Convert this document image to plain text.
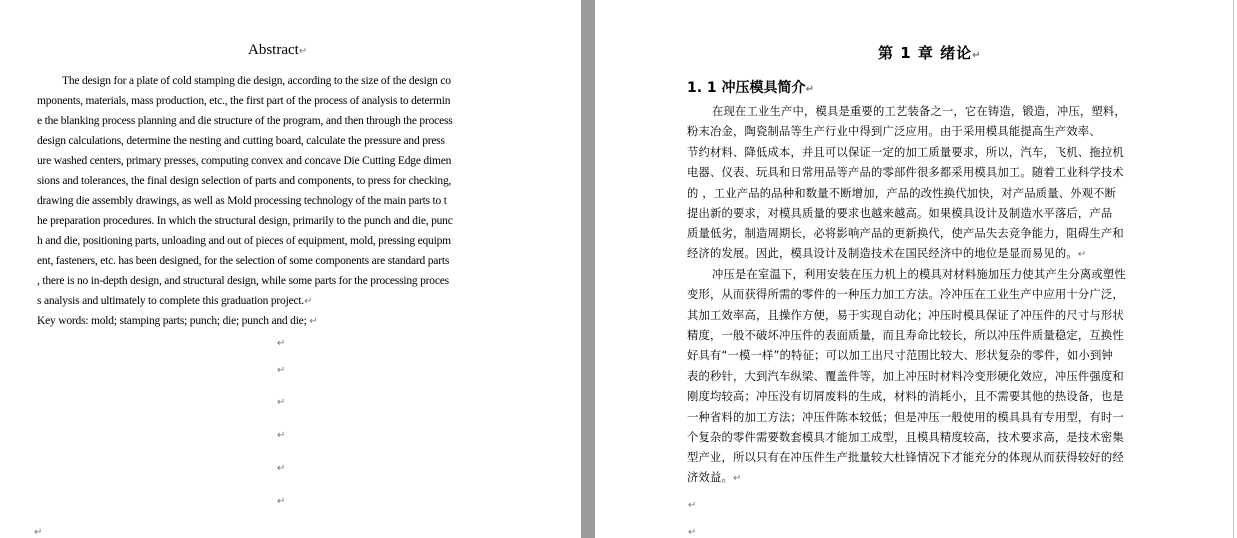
Abstract↵
The design for a plate of cold stamping die design, according to the size of the design co
mponents, materials, mass production, etc., the first part of the process of analysis to determin
e the blanking process planning and die structure of the program, and then through the process
design calculations, determine the nesting and cutting board, calculate the pressure and press
ure washed centers, primary presses, computing convex and concave Die Cutting Edge dimen
sions and tolerances, the final design selection of parts and components, to press for checking,
drawing die assembly drawings, as well as Mold processing technology of the main parts to t
he preparation procedures. In which the structural design, primarily to the punch and die, punc
h and die, positioning parts, unloading and out of pieces of equipment, mold, pressing equipm
ent, fasteners, etc. has been designed, for the selection of some components are standard parts
, there is no in-depth design, and structural design, while some parts for the processing proces
s analysis and ultimately to complete this graduation project.↵
Key words: mold; stamping parts; punch; die; punch and die; ↵
↵
↵
↵
↵
↵
↵
↵
第 1 章 绪论↵
1. 1 冲压模具简介↵
在现在工业生产中，模具是重要的工艺装备之一，它在铸造，锻造，冲压，塑料，
粉末冶金，陶瓷制品等生产行业中得到广泛应用。由于采用模具能提高生产效率、
节约材料、降低成本，并且可以保证一定的加工质量要求，所以，汽车，飞机、拖拉机
电器、仪表、玩具和日常用品等产品的零部件很多都采用模具加工。随着工业科学技术
的 ，工业产品的品种和数量不断增加，产品的改性换代加快，对产品质量、外观不断
提出新的要求，对模具质量的要求也越来越高。如果模具设计及制造水平落后，产品
质量低劣，制造周期长，必将影响产品的更新换代，使产品失去竞争能力，阻碍生产和
经济的发展。因此，模具设计及制造技术在国民经济中的地位是显而易见的。↵
冲压是在室温下，利用安装在压力机上的模具对材料施加压力使其产生分离或塑性
变形，从而获得所需的零件的一种压力加工方法。冷冲压在工业生产中应用十分广泛，
其加工效率高，且操作方便，易于实现自动化；冲压时模具保证了冲压件的尺寸与形状
精度，一般不破坏冲压件的表面质量，而且寿命比较长，所以冲压件质量稳定，互换性
好具有“一模一样”的特征；可以加工出尺寸范围比较大、形状复杂的零件，如小到钟
表的秒针，大到汽车纵梁、覆盖件等，加上冲压时材料冷变形硬化效应，冲压件强度和
刚度均较高；冲压没有切屑废料的生成，材料的消耗小，且不需要其他的热设备，也是
一种省料的加工方法；冲压件陈本较低；但是冲压一般使用的模具具有专用型，有时一
个复杂的零件需要数套模具才能加工成型，且模具精度较高，技术要求高，是技术密集
型产业，所以只有在冲压件生产批量较大杜锋情况下才能充分的体现从而获得较好的经
济效益。↵
↵
↵
